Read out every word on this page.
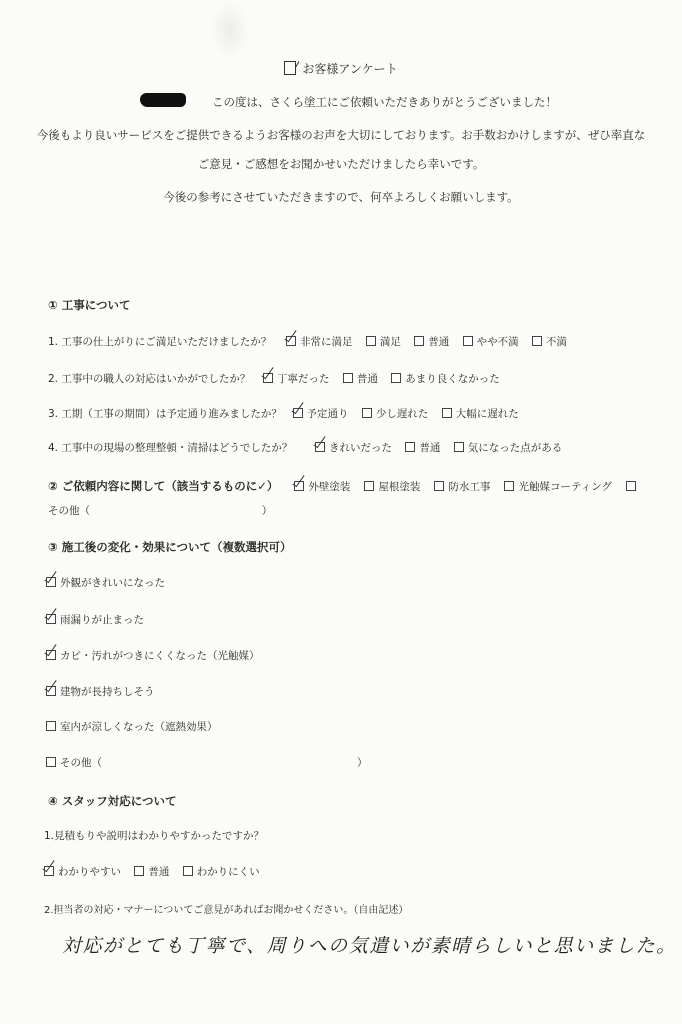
お客様アンケート
この度は、さくら塗工にご依頼いただきありがとうございました！
今後もより良いサービスをご提供できるようお客様のお声を大切にしております。お手数おかけしますが、ぜひ率直な
ご意見・ご感想をお聞かせいただけましたら幸いです。
今後の参考にさせていただきますので、何卒よろしくお願いします。
① 工事について
1. 工事の仕上がりにご満足いただけましたか？	非常に満足	満足	普通	やや不満	不満
2. 工事中の職人の対応はいかがでしたか？	丁寧だった	普通	あまり良くなかった
3. 工期（工事の期間）は予定通り進みましたか？ 予定通り	少し遅れた	大幅に遅れた
4. 工事中の現場の整理整頓・清掃はどうでしたか？	きれいだった	普通	気になった点がある
② ご依頼内容に関して（該当するものに✓）	外壁塗装	屋根塗装	防水工事	光触媒コーティング
その他（	）
③ 施工後の変化・効果について（複数選択可）
外観がきれいになった
雨漏りが止まった
カビ・汚れがつきにくくなった（光触媒）
建物が長持ちしそう
室内が涼しくなった（遮熱効果）
その他（	）
④ スタッフ対応について
1.見積もりや説明はわかりやすかったですか？
わかりやすい	普通	わかりにくい
2.担当者の対応・マナーについてご意見があればお聞かせください。（自由記述）
対応がとても丁寧で、周りへの気遣いが素晴らしいと思いました。
